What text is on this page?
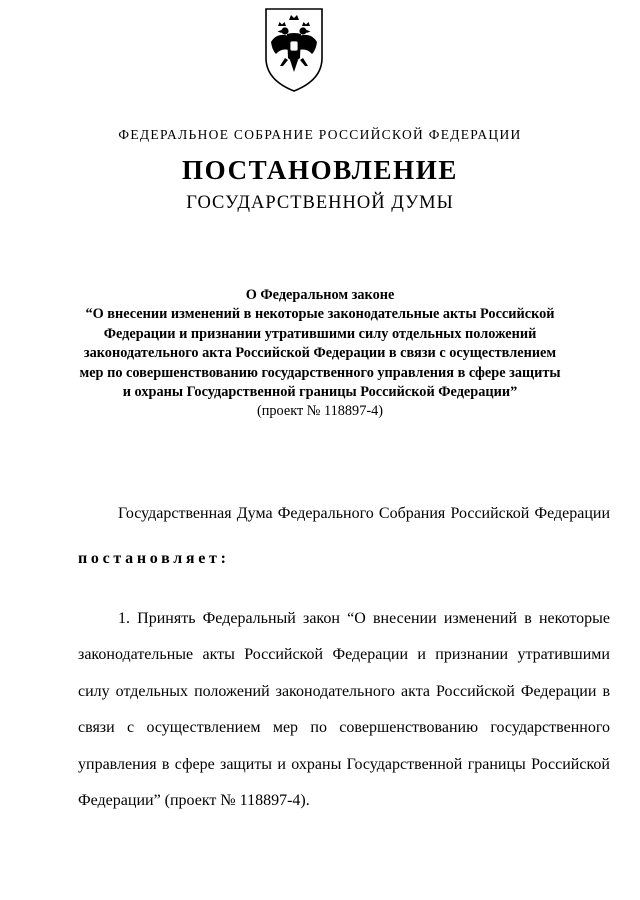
ФЕДЕРАЛЬНОЕ СОБРАНИЕ РОССИЙСКОЙ ФЕДЕРАЦИИ
ПОСТАНОВЛЕНИЕ
ГОСУДАРСТВЕННОЙ ДУМЫ
О Федеральном законе
“О внесении изменений в некоторые законодательные акты Российской
Федерации и признании утратившими силу отдельных положений
законодательного акта Российской Федерации в связи с осуществлением
мер по совершенствованию государственного управления в сфере защиты
и охраны Государственной границы Российской Федерации”
(проект № 118897-4)
Государственная Дума Федерального Собрания Российской Федерации
постановляет:
1. Принять Федеральный закон “О внесении изменений в некоторые законодательные акты Российской Федерации и признании утратившими силу отдельных положений законодательного акта Российской Федерации в связи с осуществлением мер по совершенствованию государственного управления в сфере защиты и охраны Государственной границы Российской Федерации” (проект № 118897-4).
